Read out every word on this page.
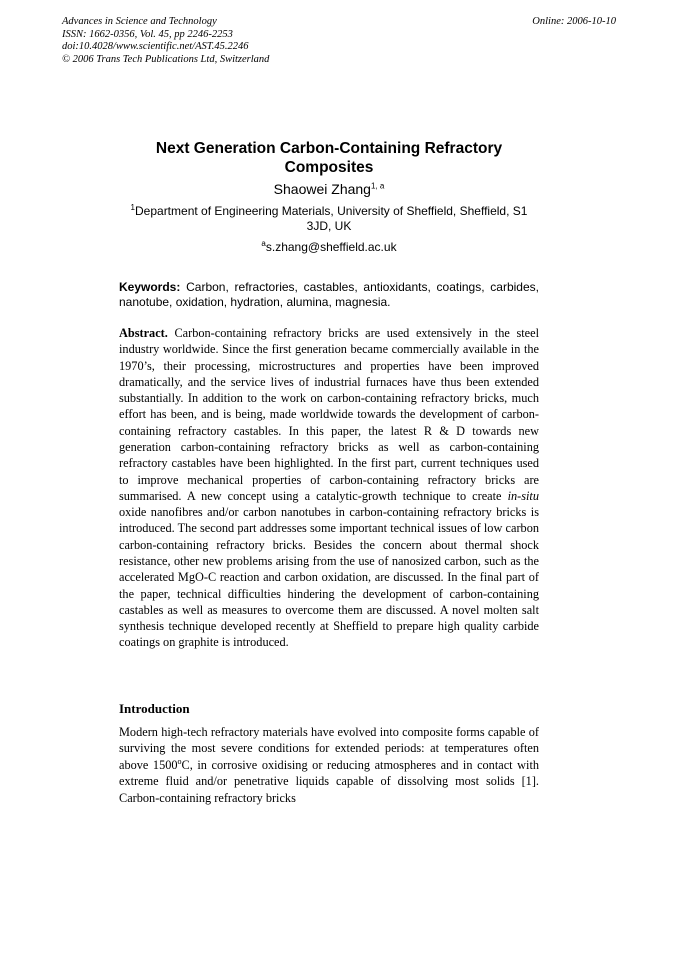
Advances in Science and Technology
ISSN: 1662-0356, Vol. 45, pp 2246-2253
doi:10.4028/www.scientific.net/AST.45.2246
© 2006 Trans Tech Publications Ltd, Switzerland
Online: 2006-10-10
Next Generation Carbon-Containing Refractory Composites
Shaowei Zhang$^{1, a}$
$^1$Department of Engineering Materials, University of Sheffield, Sheffield, S1 3JD, UK
$^a$s.zhang@sheffield.ac.uk
Keywords: Carbon, refractories, castables, antioxidants, coatings, carbides, nanotube, oxidation, hydration, alumina, magnesia.
Abstract. Carbon-containing refractory bricks are used extensively in the steel industry worldwide. Since the first generation became commercially available in the 1970’s, their processing, microstructures and properties have been improved dramatically, and the service lives of industrial furnaces have thus been extended substantially. In addition to the work on carbon-containing refractory bricks, much effort has been, and is being, made worldwide towards the development of carbon-containing refractory castables. In this paper, the latest R & D towards new generation carbon-containing refractory bricks as well as carbon-containing refractory castables have been highlighted. In the first part, current techniques used to improve mechanical properties of carbon-containing refractory bricks are summarised. A new concept using a catalytic-growth technique to create in-situ oxide nanofibres and/or carbon nanotubes in carbon-containing refractory bricks is introduced. The second part addresses some important technical issues of low carbon carbon-containing refractory bricks. Besides the concern about thermal shock resistance, other new problems arising from the use of nanosized carbon, such as the accelerated MgO-C reaction and carbon oxidation, are discussed. In the final part of the paper, technical difficulties hindering the development of carbon-containing castables as well as measures to overcome them are discussed. A novel molten salt synthesis technique developed recently at Sheffield to prepare high quality carbide coatings on graphite is introduced.
Introduction
Modern high-tech refractory materials have evolved into composite forms capable of surviving the most severe conditions for extended periods: at temperatures often above 1500$^o$C, in corrosive oxidising or reducing atmospheres and in contact with extreme fluid and/or penetrative liquids capable of dissolving most solids [1]. Carbon-containing refractory bricks
